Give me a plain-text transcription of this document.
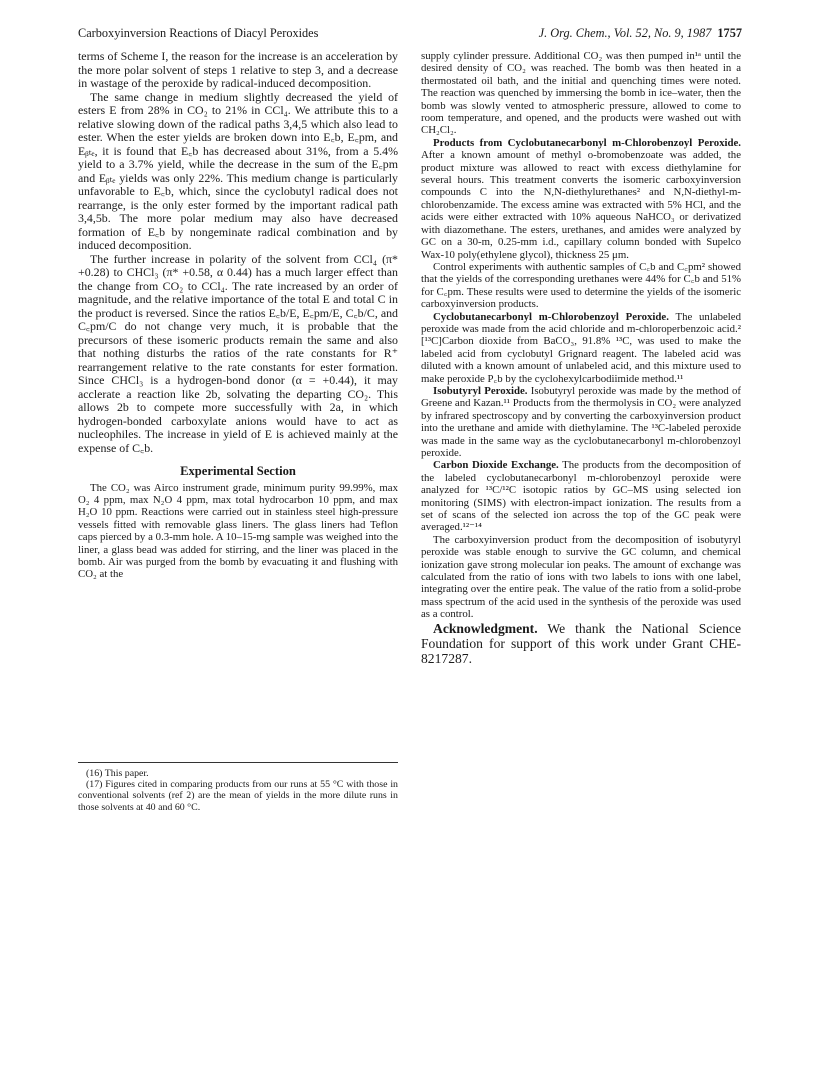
Carboxyinversion Reactions of Diacyl Peroxides	J. Org. Chem., Vol. 52, No. 9, 1987 1757

terms of Scheme I, the reason for the increase is an acceleration by the more polar solvent of steps 1 relative to step 3, and a decrease in wastage of the peroxide by radical-induced decomposition.

The same change in medium slightly decreased the yield of esters E from 28% in CO₂ to 21% in CCl₄. We attribute this to a relative slowing down of the radical paths 3,4,5 which also lead to ester. When the ester yields are broken down into E꜀b, E꜀pm, and Eᵦₜₑ, it is found that E꜀b has decreased about 31%, from a 5.4% yield to a 3.7% yield, while the decrease in the sum of the E꜀pm and Eᵦₜₑ yields was only 22%. This medium change is particularly unfavorable to E꜀b, which, since the cyclobutyl radical does not rearrange, is the only ester formed by the important radical path 3,4,5b. The more polar medium may also have decreased formation of E꜀b by nongeminate radical combination and by induced decomposition.

The further increase in polarity of the solvent from CCl₄ (π* +0.28) to CHCl₃ (π* +0.58, α 0.44) has a much larger effect than the change from CO₂ to CCl₄. The rate increased by an order of magnitude, and the relative importance of the total E and total C in the product is reversed. Since the ratios E꜀b/E, E꜀pm/E, C꜀b/C, and C꜀pm/C do not change very much, it is probable that the precursors of these isomeric products remain the same and also that nothing disturbs the ratios of the rate constants for R⁺ rearrangement relative to the rate constants for ester formation. Since CHCl₃ is a hydrogen-bond donor (α = +0.44), it may acclerate a reaction like 2b, solvating the departing CO₂. This allows 2b to compete more successfully with 2a, in which hydrogen-bonded carboxylate anions would have to act as nucleophiles. The increase in yield of E is achieved mainly at the expense of C꜀b.

Experimental Section

The CO₂ was Airco instrument grade, minimum purity 99.99%, max O₂ 4 ppm, max N₂O 4 ppm, max total hydrocarbon 10 ppm, and max H₂O 10 ppm. Reactions were carried out in stainless steel high-pressure vessels fitted with removable glass liners. The glass liners had Teflon caps pierced by a 0.3-mm hole. A 10–15-mg sample was weighed into the liner, a glass bead was added for stirring, and the liner was placed in the bomb. Air was purged from the bomb by evacuating it and flushing with CO₂ at the

(16) This paper.

(17) Figures cited in comparing products from our runs at 55 °C with those in conventional solvents (ref 2) are the mean of yields in the more dilute runs in those solvents at 40 and 60 °C.

supply cylinder pressure. Additional CO₂ was then pumped in¹ᵃ until the desired density of CO₂ was reached. The bomb was then heated in a thermostated oil bath, and the initial and quenching times were noted. The reaction was quenched by immersing the bomb in ice–water, then the bomb was slowly vented to atmospheric pressure, allowed to come to room temperature, and opened, and the products were washed out with CH₂Cl₂.

Products from Cyclobutanecarbonyl m-Chlorobenzoyl Peroxide. After a known amount of methyl o-bromobenzoate was added, the product mixture was allowed to react with excess diethylamine for several hours. This treatment converts the isomeric carboxyinversion compounds C into the N,N-diethylurethanes² and N,N-diethyl-m-chlorobenzamide. The excess amine was extracted with 5% HCl, and the acids were either extracted with 10% aqueous NaHCO₃ or derivatized with diazomethane. The esters, urethanes, and amides were analyzed by GC on a 30-m, 0.25-mm i.d., capillary column bonded with Supelco Wax-10 poly(ethylene glycol), thickness 25 μm.

Control experiments with authentic samples of C꜀b and C꜀pm² showed that the yields of the corresponding urethanes were 44% for C꜀b and 51% for C꜀pm. These results were used to determine the yields of the isomeric carboxyinversion products.

Cyclobutanecarbonyl m-Chlorobenzoyl Peroxide. The unlabeled peroxide was made from the acid chloride and m-chloroperbenzoic acid.² [¹³C]Carbon dioxide from BaCO₃, 91.8% ¹³C, was used to make the labeled acid from cyclobutyl Grignard reagent. The labeled acid was diluted with a known amount of unlabeled acid, and this mixture used to make peroxide P꜀b by the cyclohexylcarbodiimide method.¹¹

Isobutyryl Peroxide. Isobutyryl peroxide was made by the method of Greene and Kazan.¹¹ Products from the thermolysis in CO₂ were analyzed by infrared spectroscopy and by converting the carboxyinversion product into the urethane and amide with diethylamine. The ¹³C-labeled peroxide was made in the same way as the cyclobutanecarbonyl m-chlorobenzoyl peroxide.

Carbon Dioxide Exchange. The products from the decomposition of the labeled cyclobutanecarbonyl m-chlorobenzoyl peroxide were analyzed for ¹³C/¹²C isotopic ratios by GC–MS using selected ion monitoring (SIMS) with electron-impact ionization. The results from a set of scans of the selected ion across the top of the GC peak were averaged.¹²⁻¹⁴

The carboxyinversion product from the decomposition of isobutyryl peroxide was stable enough to survive the GC column, and chemical ionization gave strong molecular ion peaks. The amount of exchange was calculated from the ratio of ions with two labels to ions with one label, integrating over the entire peak. The value of the ratio from a solid-probe mass spectrum of the acid used in the synthesis of the peroxide was used as a control.

Acknowledgment. We thank the National Science Foundation for support of this work under Grant CHE-8217287.
